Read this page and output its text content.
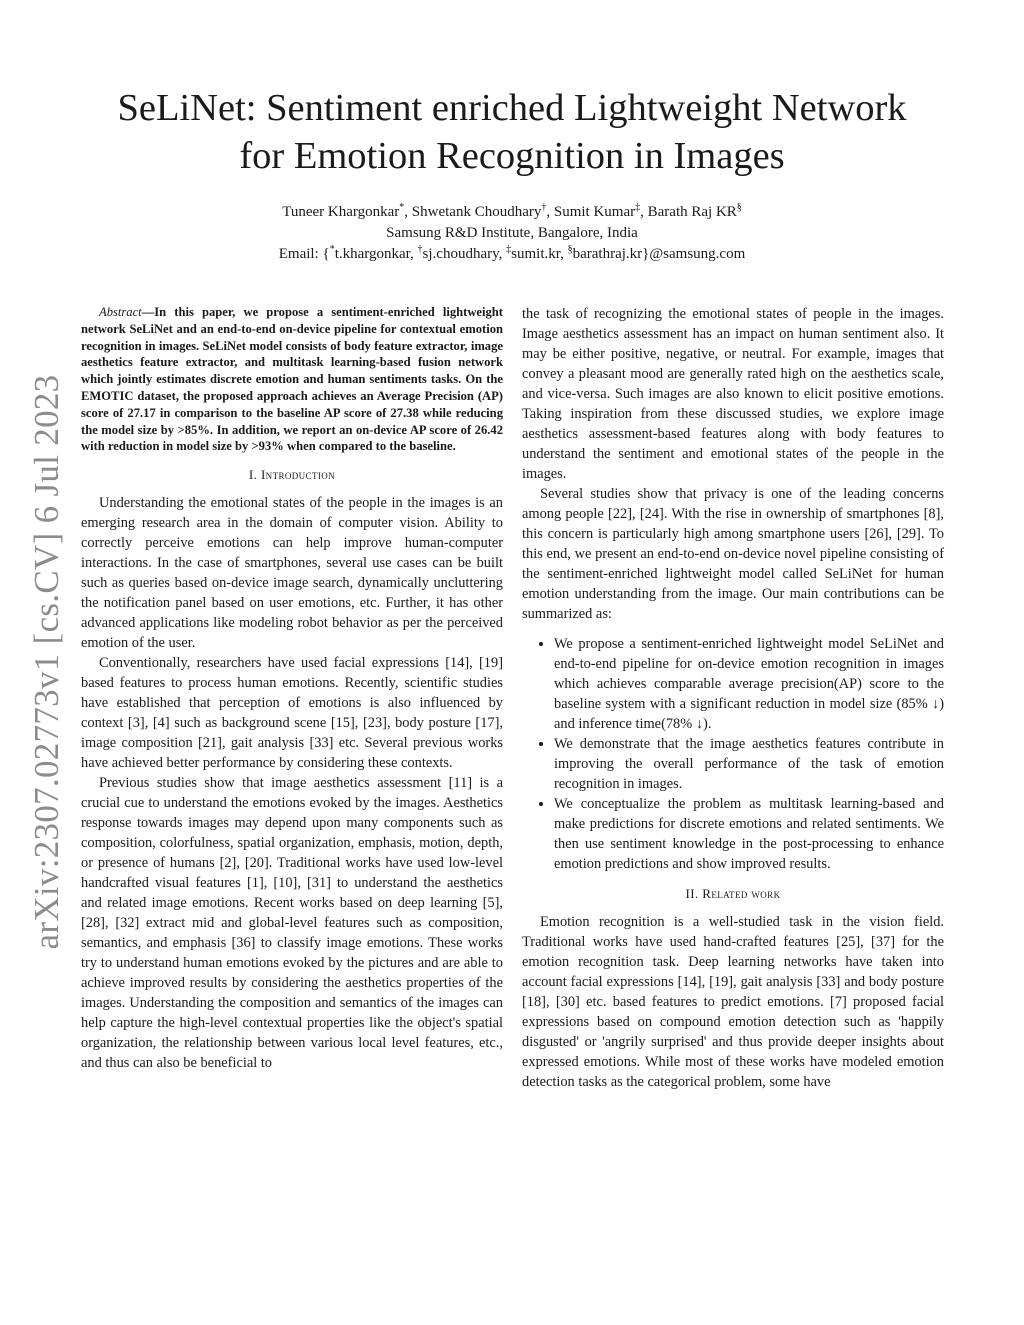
arXiv:2307.02773v1 [cs.CV] 6 Jul 2023
SeLiNet: Sentiment enriched Lightweight Network
for Emotion Recognition in Images
Tuneer Khargonkar*, Shwetank Choudhary†, Sumit Kumar‡, Barath Raj KR§
Samsung R&D Institute, Bangalore, India
Email: {*t.khargonkar, †sj.choudhary, ‡sumit.kr, §barathraj.kr}@samsung.com

Abstract—In this paper, we propose a sentiment-enriched lightweight network SeLiNet and an end-to-end on-device pipeline for contextual emotion recognition in images. SeLiNet model consists of body feature extractor, image aesthetics feature extractor, and multitask learning-based fusion network which jointly estimates discrete emotion and human sentiments tasks. On the EMOTIC dataset, the proposed approach achieves an Average Precision (AP) score of 27.17 in comparison to the baseline AP score of 27.38 while reducing the model size by >85%. In addition, we report an on-device AP score of 26.42 with reduction in model size by >93% when compared to the baseline.

I. Introduction

Understanding the emotional states of the people in the images is an emerging research area in the domain of computer vision. Ability to correctly perceive emotions can help improve human-computer interactions. In the case of smartphones, several use cases can be built such as queries based on-device image search, dynamically uncluttering the notification panel based on user emotions, etc. Further, it has other advanced applications like modeling robot behavior as per the perceived emotion of the user.

Conventionally, researchers have used facial expressions [14], [19] based features to process human emotions. Recently, scientific studies have established that perception of emotions is also influenced by context [3], [4] such as background scene [15], [23], body posture [17], image composition [21], gait analysis [33] etc. Several previous works have achieved better performance by considering these contexts.

Previous studies show that image aesthetics assessment [11] is a crucial cue to understand the emotions evoked by the images. Aesthetics response towards images may depend upon many components such as composition, colorfulness, spatial organization, emphasis, motion, depth, or presence of humans [2], [20]. Traditional works have used low-level handcrafted visual features [1], [10], [31] to understand the aesthetics and related image emotions. Recent works based on deep learning [5], [28], [32] extract mid and global-level features such as composition, semantics, and emphasis [36] to classify image emotions. These works try to understand human emotions evoked by the pictures and are able to achieve improved results by considering the aesthetics properties of the images. Understanding the composition and semantics of the images can help capture the high-level contextual properties like the object's spatial organization, the relationship between various local level features, etc., and thus can also be beneficial to

the task of recognizing the emotional states of people in the images. Image aesthetics assessment has an impact on human sentiment also. It may be either positive, negative, or neutral. For example, images that convey a pleasant mood are generally rated high on the aesthetics scale, and vice-versa. Such images are also known to elicit positive emotions. Taking inspiration from these discussed studies, we explore image aesthetics assessment-based features along with body features to understand the sentiment and emotional states of the people in the images.

Several studies show that privacy is one of the leading concerns among people [22], [24]. With the rise in ownership of smartphones [8], this concern is particularly high among smartphone users [26], [29]. To this end, we present an end-to-end on-device novel pipeline consisting of the sentiment-enriched lightweight model called SeLiNet for human emotion understanding from the image. Our main contributions can be summarized as:

• We propose a sentiment-enriched lightweight model SeLiNet and end-to-end pipeline for on-device emotion recognition in images which achieves comparable average precision(AP) score to the baseline system with a significant reduction in model size (85% ↓) and inference time(78% ↓).
• We demonstrate that the image aesthetics features contribute in improving the overall performance of the task of emotion recognition in images.
• We conceptualize the problem as multitask learning-based and make predictions for discrete emotions and related sentiments. We then use sentiment knowledge in the post-processing to enhance emotion predictions and show improved results.
II. Related work

Emotion recognition is a well-studied task in the vision field. Traditional works have used hand-crafted features [25], [37] for the emotion recognition task. Deep learning networks have taken into account facial expressions [14], [19], gait analysis [33] and body posture [18], [30] etc. based features to predict emotions. [7] proposed facial expressions based on compound emotion detection such as 'happily disgusted' or 'angrily surprised' and thus provide deeper insights about expressed emotions. While most of these works have modeled emotion detection tasks as the categorical problem, some have
